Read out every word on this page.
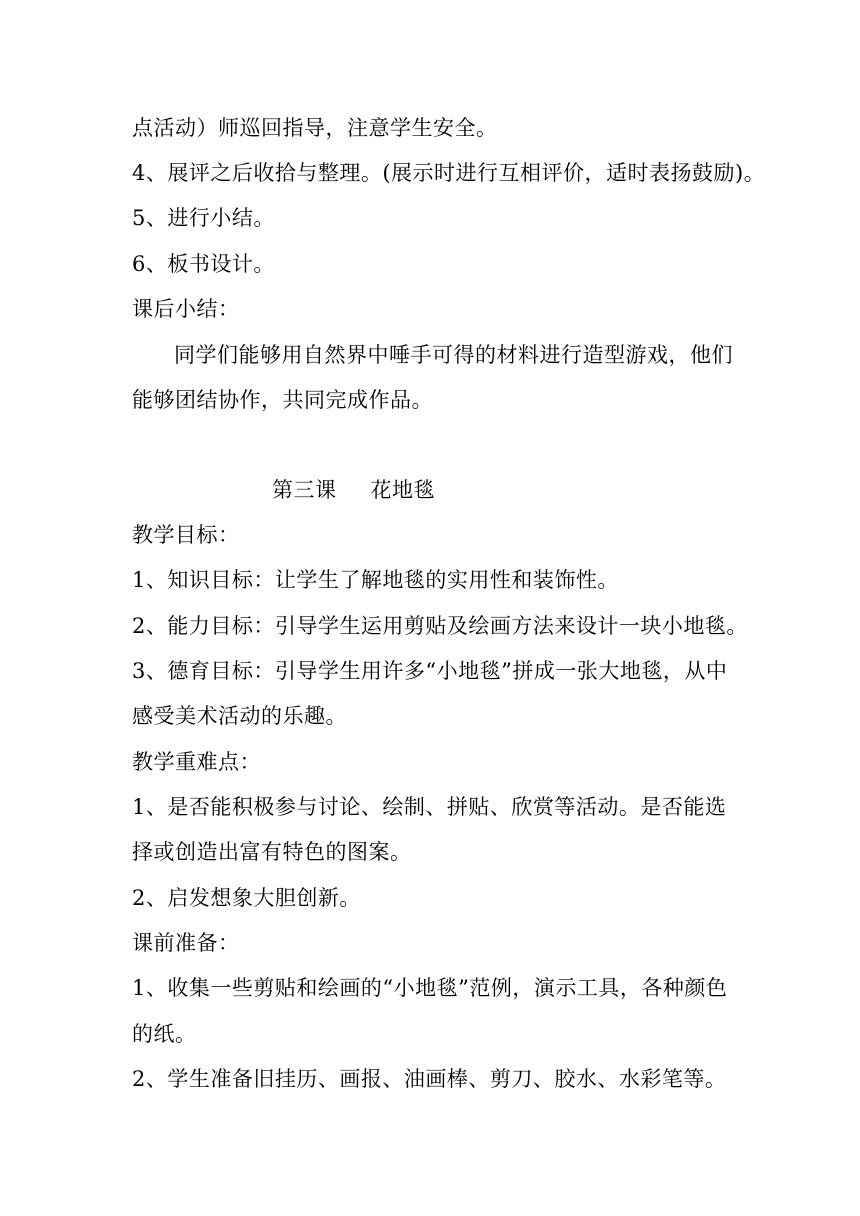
点活动）师巡回指导，注意学生安全。
4、展评之后收拾与整理。(展示时进行互相评价，适时表扬鼓励)。
5、进行小结。
6、板书设计。
课后小结：
同学们能够用自然界中唾手可得的材料进行造型游戏，他们
能够团结协作，共同完成作品。
第三课 花地毯
教学目标：
1、知识目标：让学生了解地毯的实用性和装饰性。
2、能力目标：引导学生运用剪贴及绘画方法来设计一块小地毯。
3、德育目标：引导学生用许多“小地毯”拼成一张大地毯，从中
感受美术活动的乐趣。
教学重难点：
1、是否能积极参与讨论、绘制、拼贴、欣赏等活动。是否能选
择或创造出富有特色的图案。
2、启发想象大胆创新。
课前准备：
1、收集一些剪贴和绘画的“小地毯”范例，演示工具，各种颜色
的纸。
2、学生准备旧挂历、画报、油画棒、剪刀、胶水、水彩笔等。
